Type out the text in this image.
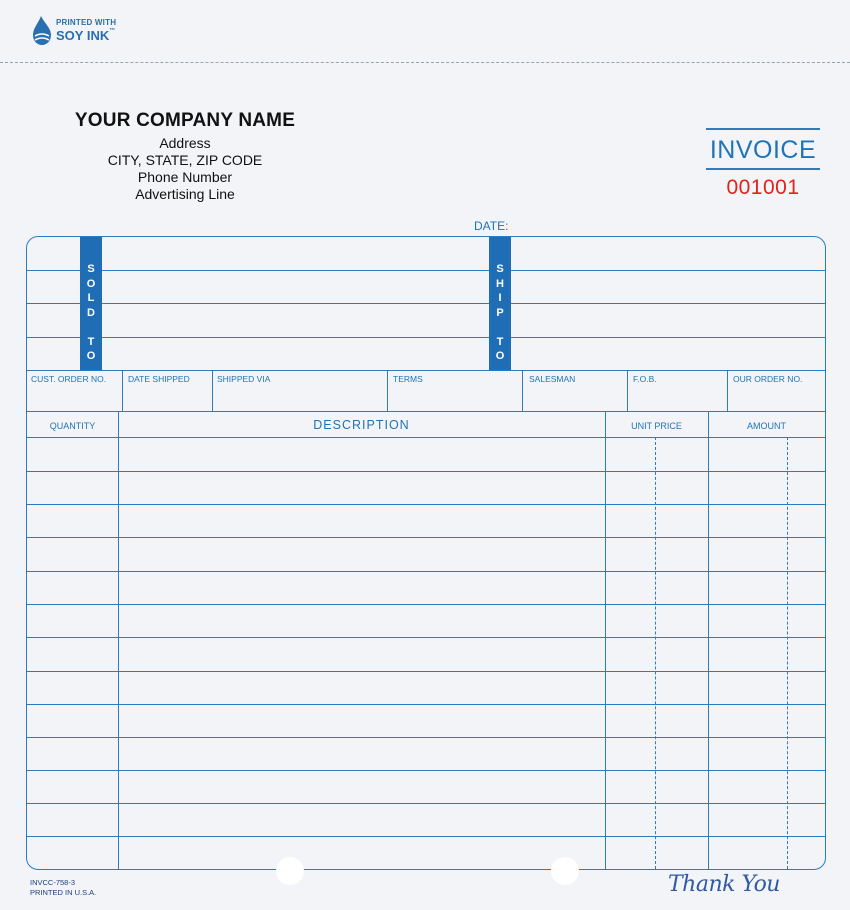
PRINTED WITH
SOY INK™
YOUR COMPANY NAME
Address
CITY, STATE, ZIP CODE
Phone Number
Advertising Line
INVOICE
001001
DATE:
S
O
L
D

T
O
S
H
I
P

T
O
CUST. ORDER NO.	DATE SHIPPED	SHIPPED VIA	TERMS	SALESMAN	F.O.B.	OUR ORDER NO.
QUANTITY	DESCRIPTION	UNIT PRICE	AMOUNT
INVCC-758-3
PRINTED IN U.S.A.	Thank You
